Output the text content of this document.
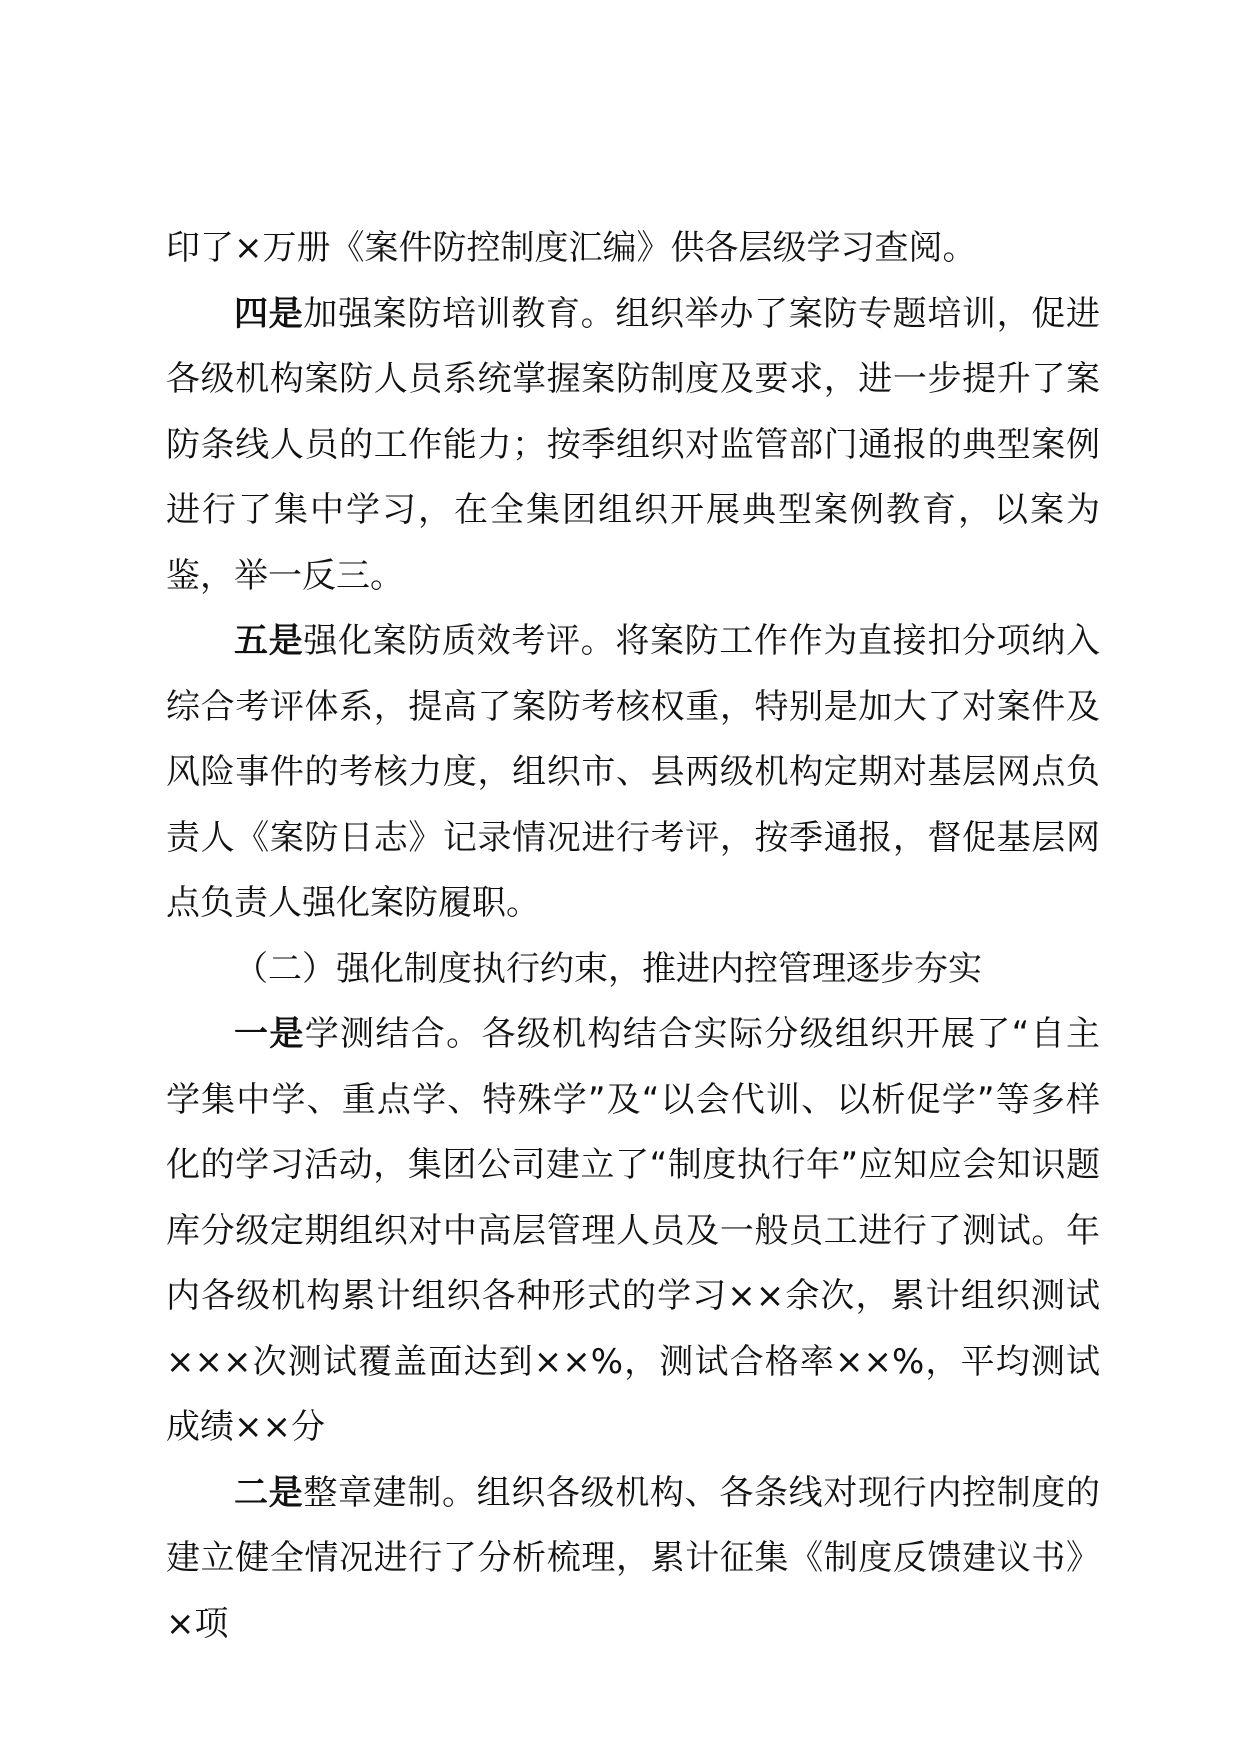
印了×万册《案件防控制度汇编》供各层级学习查阅。

四是加强案防培训教育。组织举办了案防专题培训，促进各级机构案防人员系统掌握案防制度及要求，进一步提升了案防条线人员的工作能力；按季组织对监管部门通报的典型案例进行了集中学习，在全集团组织开展典型案例教育，以案为鉴，举一反三。

五是强化案防质效考评。将案防工作作为直接扣分项纳入综合考评体系，提高了案防考核权重，特别是加大了对案件及风险事件的考核力度，组织市、县两级机构定期对基层网点负责人《案防日志》记录情况进行考评，按季通报，督促基层网点负责人强化案防履职。

（二）强化制度执行约束，推进内控管理逐步夯实

一是学测结合。各级机构结合实际分级组织开展了“自主学集中学、重点学、特殊学”及“以会代训、以析促学”等多样化的学习活动，集团公司建立了“制度执行年”应知应会知识题库分级定期组织对中高层管理人员及一般员工进行了测试。年内各级机构累计组织各种形式的学习××余次，累计组织测试×××次测试覆盖面达到××%，测试合格率××%，平均测试成绩××分

二是整章建制。组织各级机构、各条线对现行内控制度的建立健全情况进行了分析梳理，累计征集《制度反馈建议书》×项
